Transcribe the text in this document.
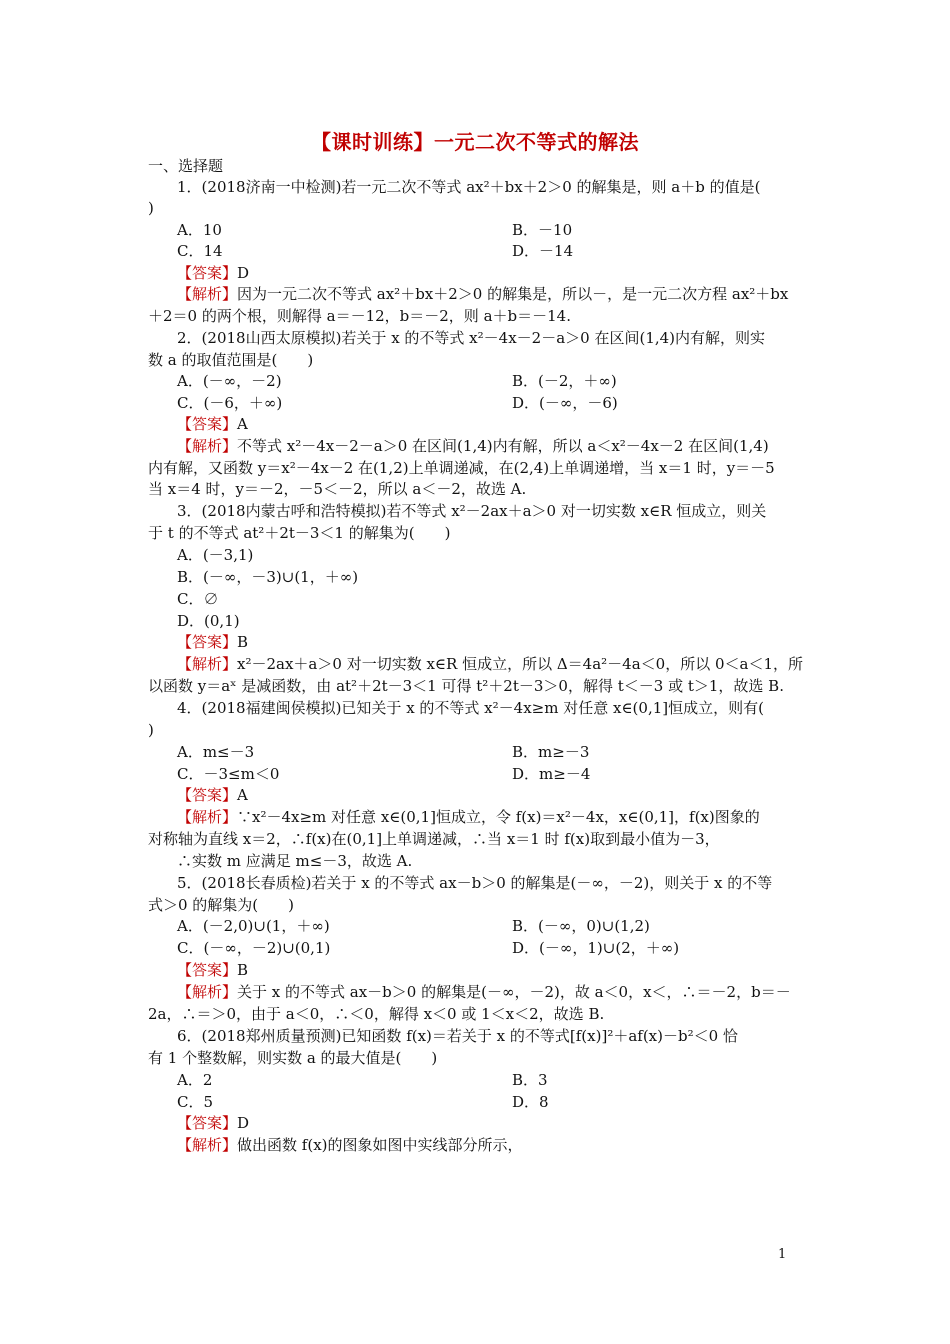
【课时训练】一元二次不等式的解法
一、选择题
1．(2018济南一中检测)若一元二次不等式 ax²＋bx＋2＞0 的解集是，则 a＋b 的值是(
)
A．10	B．－10
C．14	D．－14
【答案】D
【解析】因为一元二次不等式 ax²＋bx＋2＞0 的解集是，所以－，是一元二次方程 ax²＋bx
＋2＝0 的两个根，则解得 a＝－12，b＝－2，则 a＋b＝－14.
2．(2018山西太原模拟)若关于 x 的不等式 x²－4x－2－a＞0 在区间(1,4)内有解，则实
数 a 的取值范围是(　　)
A．(－∞，－2)	B．(－2，＋∞)
C．(－6，＋∞)	D．(－∞，－6)
【答案】A
【解析】不等式 x²－4x－2－a＞0 在区间(1,4)内有解，所以 a＜x²－4x－2 在区间(1,4)
内有解，又函数 y＝x²－4x－2 在(1,2)上单调递减，在(2,4)上单调递增，当 x＝1 时，y＝－5
当 x＝4 时，y＝－2，－5＜－2，所以 a＜－2，故选 A.
3．(2018内蒙古呼和浩特模拟)若不等式 x²－2ax＋a＞0 对一切实数 x∈R 恒成立，则关
于 t 的不等式 at²＋2t－3＜1 的解集为(　　)
A．(－3,1)
B．(－∞，－3)∪(1，＋∞)
C．∅
D．(0,1)
【答案】B
【解析】x²－2ax＋a＞0 对一切实数 x∈R 恒成立，所以 Δ＝4a²－4a＜0，所以 0＜a＜1，所
以函数 y＝aˣ 是减函数，由 at²＋2t－3＜1 可得 t²＋2t－3＞0，解得 t＜－3 或 t＞1，故选 B.
4．(2018福建闽侯模拟)已知关于 x 的不等式 x²－4x≥m 对任意 x∈(0,1]恒成立，则有(
)
A．m≤－3	B．m≥－3
C．－3≤m＜0	D．m≥－4
【答案】A
【解析】∵x²－4x≥m 对任意 x∈(0,1]恒成立，令 f(x)＝x²－4x，x∈(0,1]，f(x)图象的
对称轴为直线 x＝2，∴f(x)在(0,1]上单调递减，∴当 x＝1 时 f(x)取到最小值为－3，
∴实数 m 应满足 m≤－3，故选 A.
5．(2018长春质检)若关于 x 的不等式 ax－b＞0 的解集是(－∞，－2)，则关于 x 的不等
式＞0 的解集为(　　)
A．(－2,0)∪(1，＋∞)	B．(－∞，0)∪(1,2)
C．(－∞，－2)∪(0,1)	D．(－∞，1)∪(2，＋∞)
【答案】B
【解析】关于 x 的不等式 ax－b＞0 的解集是(－∞，－2)，故 a＜0，x＜，∴＝－2，b＝－
2a，∴＝＞0，由于 a＜0，∴＜0，解得 x＜0 或 1＜x＜2，故选 B.
6．(2018郑州质量预测)已知函数 f(x)＝若关于 x 的不等式[f(x)]²＋af(x)－b²＜0 恰
有 1 个整数解，则实数 a 的最大值是(　　)
A．2	B．3
C．5	D．8
【答案】D
【解析】做出函数 f(x)的图象如图中实线部分所示，
1
